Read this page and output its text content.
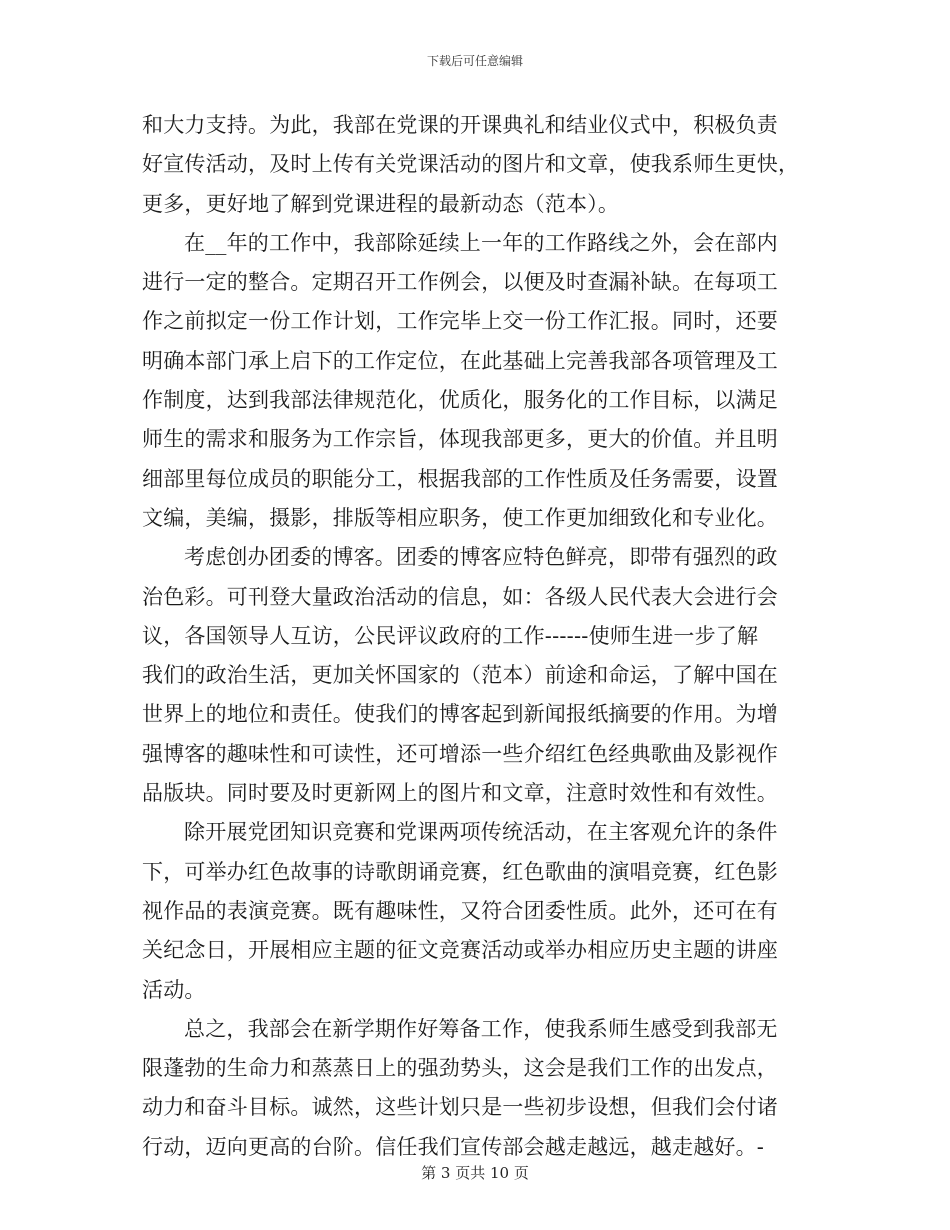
下载后可任意编辑
和大力支持。为此，我部在党课的开课典礼和结业仪式中，积极负责
好宣传活动，及时上传有关党课活动的图片和文章，使我系师生更快，
更多，更好地了解到党课进程的最新动态（范本）。
在__年的工作中，我部除延续上一年的工作路线之外，会在部内
进行一定的整合。定期召开工作例会，以便及时查漏补缺。在每项工
作之前拟定一份工作计划，工作完毕上交一份工作汇报。同时，还要
明确本部门承上启下的工作定位，在此基础上完善我部各项管理及工
作制度，达到我部法律规范化，优质化，服务化的工作目标，以满足
师生的需求和服务为工作宗旨，体现我部更多，更大的价值。并且明
细部里每位成员的职能分工，根据我部的工作性质及任务需要，设置
文编，美编，摄影，排版等相应职务，使工作更加细致化和专业化。
考虑创办团委的博客。团委的博客应特色鲜亮，即带有强烈的政
治色彩。可刊登大量政治活动的信息，如：各级人民代表大会进行会
议，各国领导人互访，公民评议政府的工作------使师生进一步了解
我们的政治生活，更加关怀国家的（范本）前途和命运，了解中国在
世界上的地位和责任。使我们的博客起到新闻报纸摘要的作用。为增
强博客的趣味性和可读性，还可增添一些介绍红色经典歌曲及影视作
品版块。同时要及时更新网上的图片和文章，注意时效性和有效性。
除开展党团知识竞赛和党课两项传统活动，在主客观允许的条件
下，可举办红色故事的诗歌朗诵竞赛，红色歌曲的演唱竞赛，红色影
视作品的表演竞赛。既有趣味性，又符合团委性质。此外，还可在有
关纪念日，开展相应主题的征文竞赛活动或举办相应历史主题的讲座
活动。
总之，我部会在新学期作好筹备工作，使我系师生感受到我部无
限蓬勃的生命力和蒸蒸日上的强劲势头，这会是我们工作的出发点，
动力和奋斗目标。诚然，这些计划只是一些初步设想，但我们会付诸
行动，迈向更高的台阶。信任我们宣传部会越走越远，越走越好。-
第 3 页共 10 页
